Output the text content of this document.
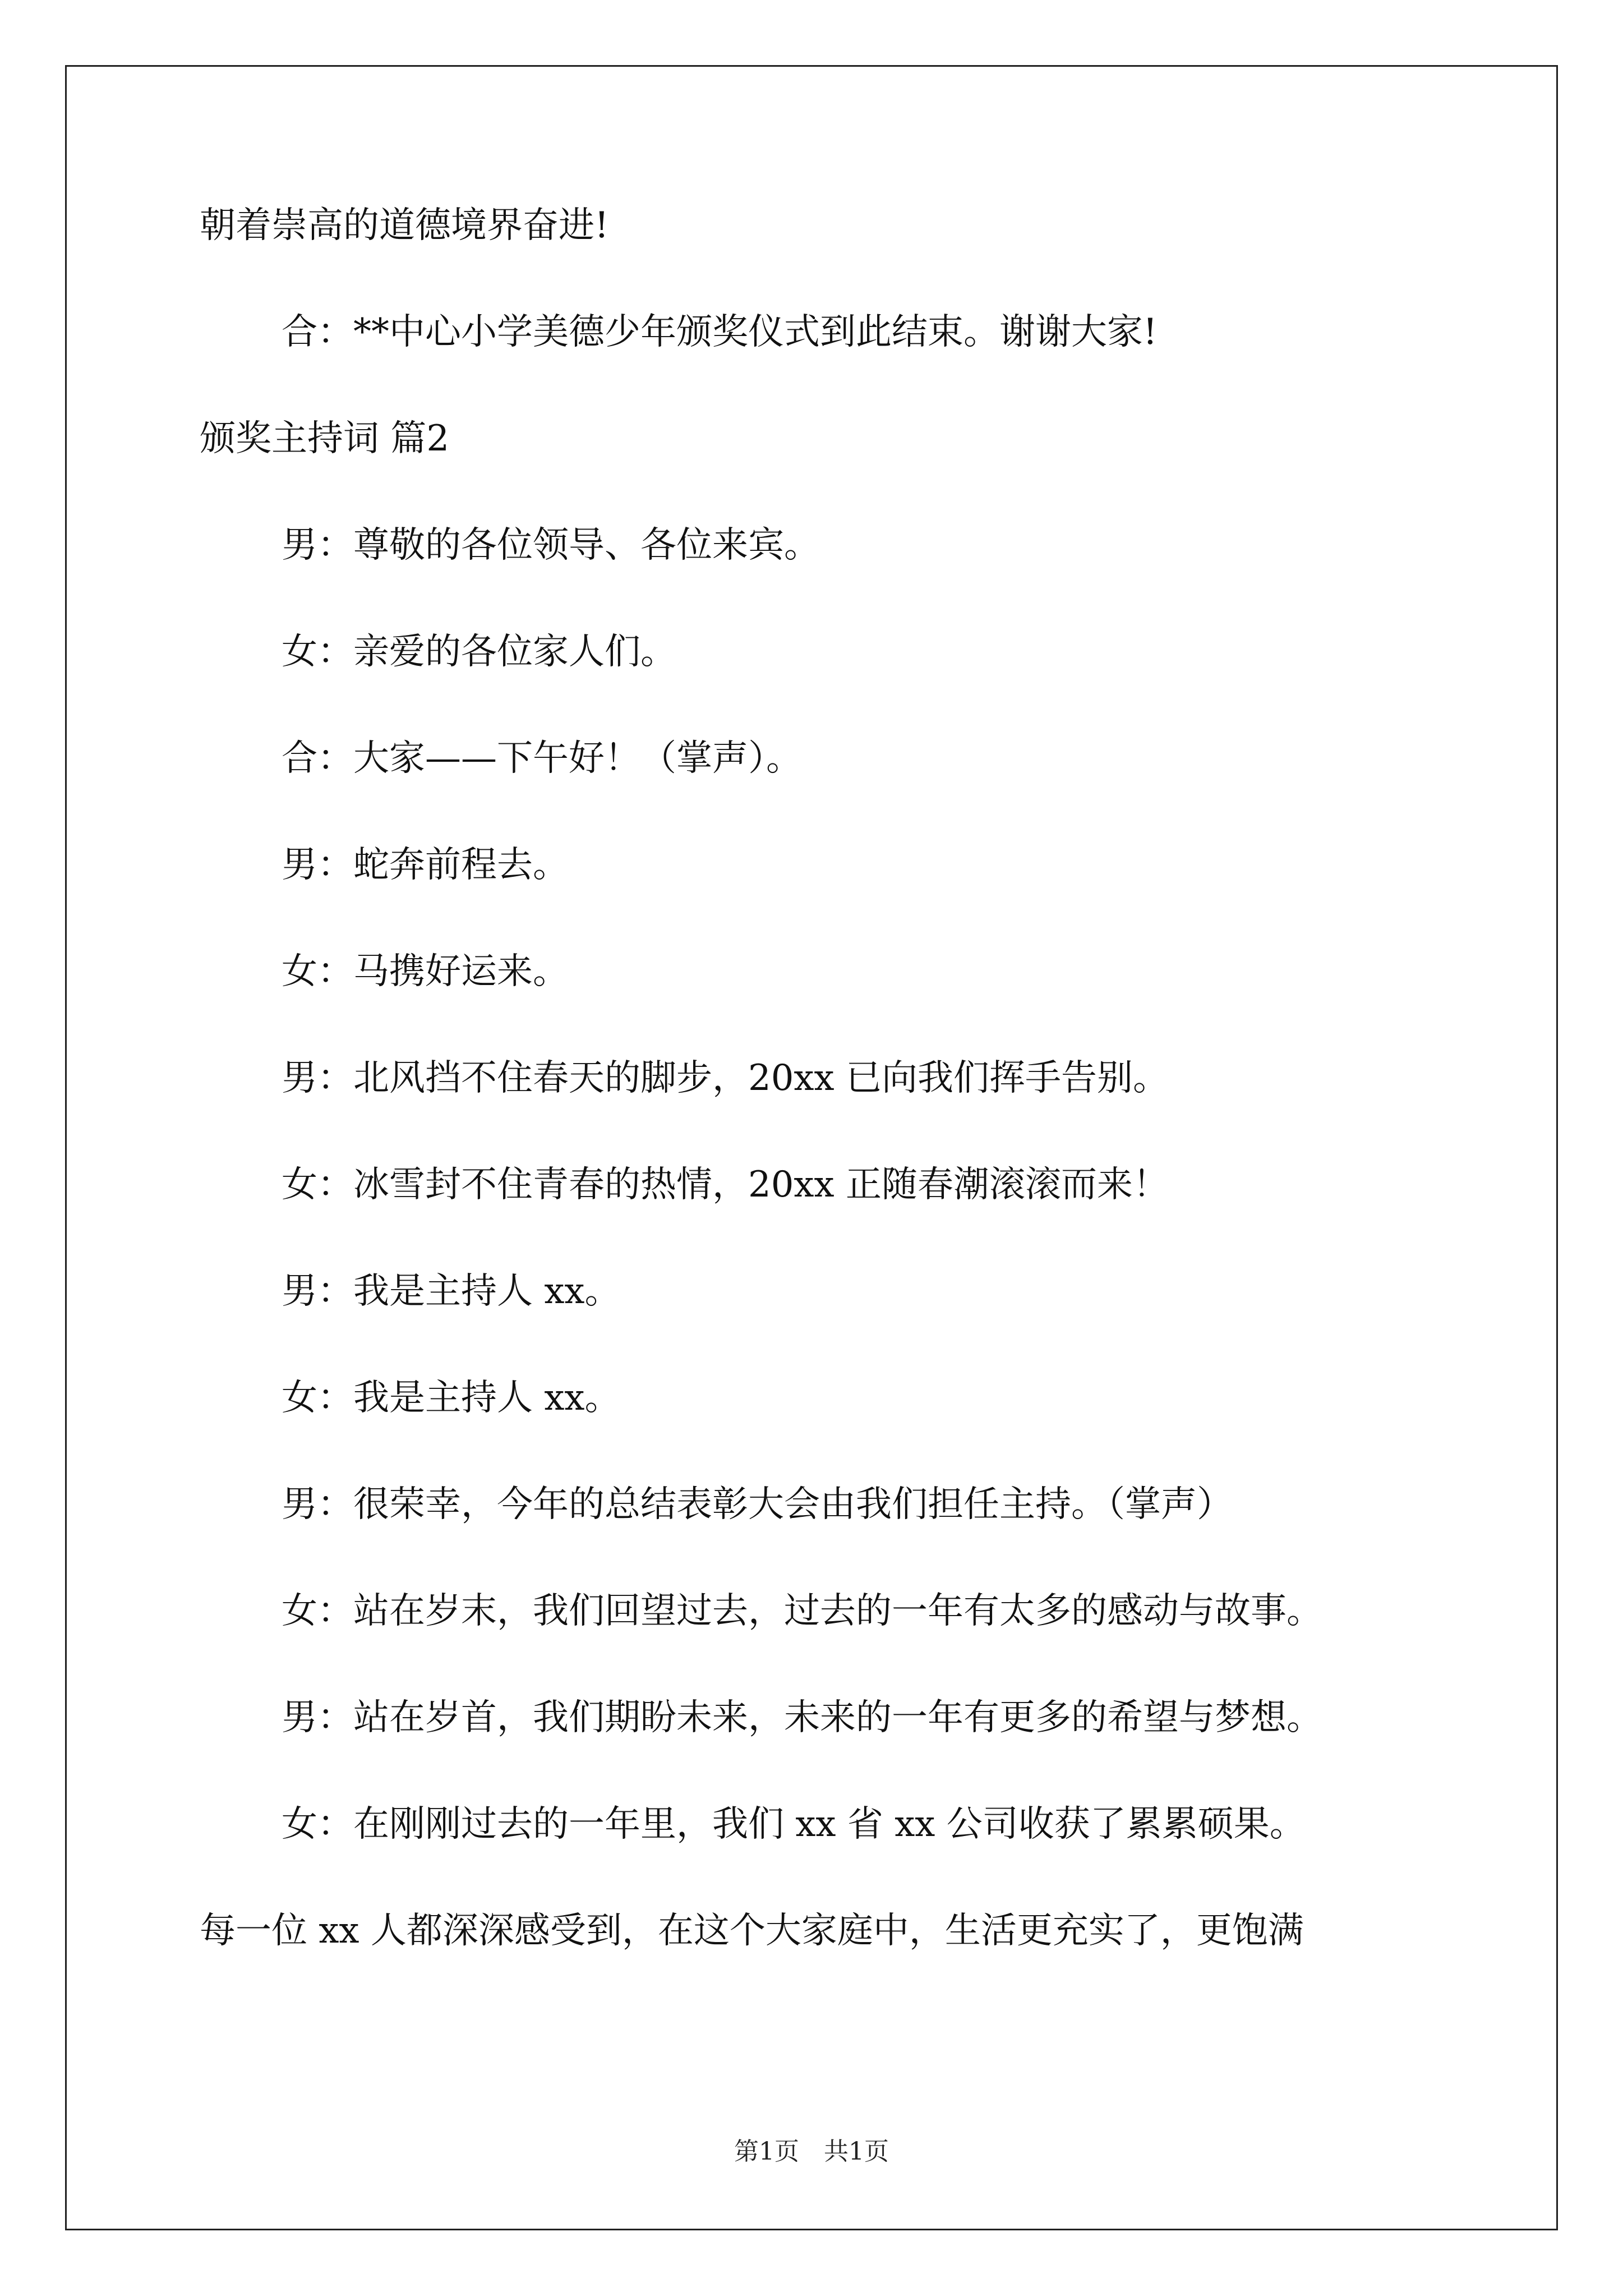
朝着崇高的道德境界奋进!

合：**中心小学美德少年颁奖仪式到此结束。谢谢大家!

颁奖主持词 篇2

男：尊敬的各位领导、各位来宾。

女：亲爱的各位家人们。

合：大家——下午好！（掌声）。

男：蛇奔前程去。

女：马携好运来。

男：北风挡不住春天的脚步，20xx 已向我们挥手告别。

女：冰雪封不住青春的热情，20xx 正随春潮滚滚而来！

男：我是主持人 xx。

女：我是主持人 xx。

男：很荣幸，今年的总结表彰大会由我们担任主持。（掌声）

女：站在岁末，我们回望过去，过去的一年有太多的感动与故事。

男：站在岁首，我们期盼未来，未来的一年有更多的希望与梦想。

女：在刚刚过去的一年里，我们 xx 省 xx 公司收获了累累硕果。

每一位 xx 人都深深感受到，在这个大家庭中，生活更充实了，更饱满

第1页　共1页
